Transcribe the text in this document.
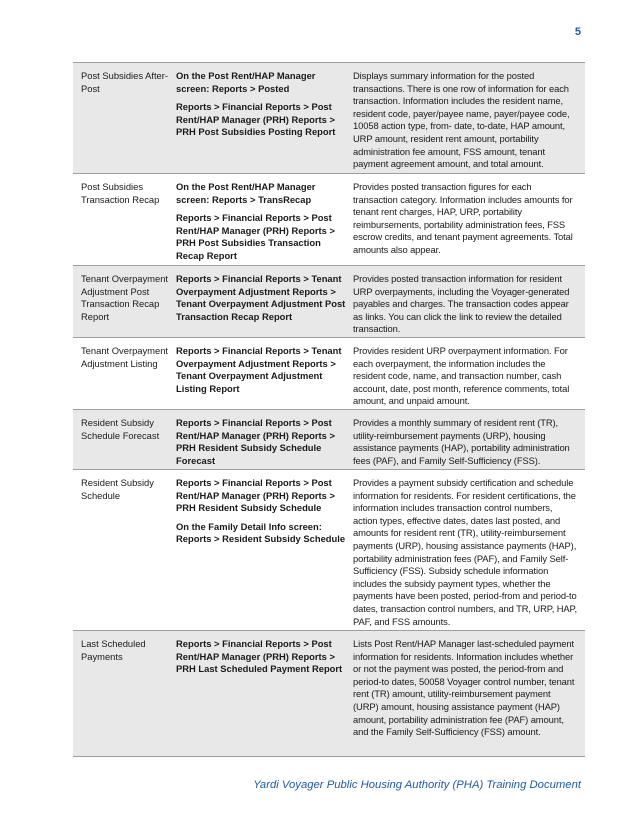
5
Post Subsidies After-Post

On the Post Rent/HAP Manager screen: Reports > Posted

Reports > Financial Reports > Post Rent/HAP Manager (PRH) Reports > PRH Post Subsidies Posting Report

Displays summary information for the posted transactions. There is one row of information for each transaction. Information includes the resident name, resident code, payer/payee name, payer/payee code, 10058 action type, from- date, to-date, HAP amount, URP amount, resident rent amount, portability administration fee amount, FSS amount, tenant payment agreement amount, and total amount.
Post Subsidies Transaction Recap

On the Post Rent/HAP Manager screen: Reports > TransRecap

Reports > Financial Reports > Post Rent/HAP Manager (PRH) Reports > PRH Post Subsidies Transaction Recap Report

Provides posted transaction figures for each transaction category. Information includes amounts for tenant rent charges, HAP, URP, portability reimbursements, portability administration fees, FSS escrow credits, and tenant payment agreements. Total amounts also appear.
Tenant Overpayment Adjustment Post Transaction Recap Report

Reports > Financial Reports > Tenant Overpayment Adjustment Reports > Tenant Overpayment Adjustment Post Transaction Recap Report

Provides posted transaction information for resident URP overpayments, including the Voyager-generated payables and charges. The transaction codes appear as links. You can click the link to review the detailed transaction.
Tenant Overpayment Adjustment Listing

Reports > Financial Reports > Tenant Overpayment Adjustment Reports > Tenant Overpayment Adjustment Listing Report

Provides resident URP overpayment information. For each overpayment, the information includes the resident code, name, and transaction number, cash account, date, post month, reference comments, total amount, and unpaid amount.
Resident Subsidy Schedule Forecast

Reports > Financial Reports > Post Rent/HAP Manager (PRH) Reports > PRH Resident Subsidy Schedule Forecast

Provides a monthly summary of resident rent (TR), utility-reimbursement payments (URP), housing assistance payments (HAP), portability administration fees (PAF), and Family Self-Sufficiency (FSS).
Resident Subsidy Schedule

Reports > Financial Reports > Post Rent/HAP Manager (PRH) Reports > PRH Resident Subsidy Schedule

On the Family Detail Info screen: Reports > Resident Subsidy Schedule

Provides a payment subsidy certification and schedule information for residents. For resident certifications, the information includes transaction control numbers, action types, effective dates, dates last posted, and amounts for resident rent (TR), utility-reimbursement payments (URP), housing assistance payments (HAP), portability administration fees (PAF), and Family Self-Sufficiency (FSS). Subsidy schedule information includes the subsidy payment types, whether the payments have been posted, period-from and period-to dates, transaction control numbers, and TR, URP, HAP, PAF, and FSS amounts.
Last Scheduled Payments

Reports > Financial Reports > Post Rent/HAP Manager (PRH) Reports > PRH Last Scheduled Payment Report

Lists Post Rent/HAP Manager last-scheduled payment information for residents. Information includes whether or not the payment was posted, the period-from and period-to dates, 50058 Voyager control number, tenant rent (TR) amount, utility-reimbursement payment (URP) amount, housing assistance payment (HAP) amount, portability administration fee (PAF) amount, and the Family Self-Sufficiency (FSS) amount.
Yardi Voyager Public Housing Authority (PHA) Training Document
